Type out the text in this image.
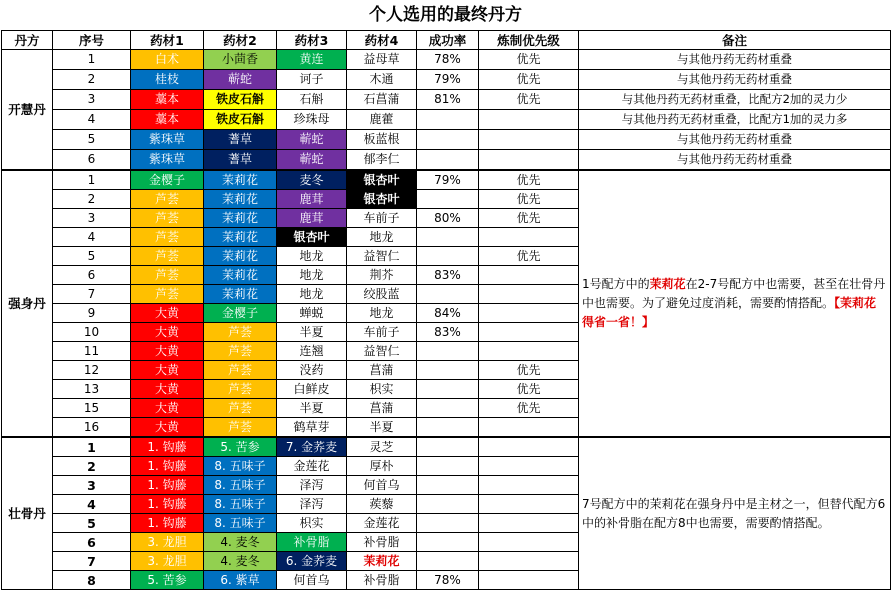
个人选用的最终丹方
丹方	序号	药材1	药材2	药材3	药材4	成功率	炼制优先级	备注
开慧丹	1	白术	小茴香	黄连	益母草	78%	优先	与其他丹药无药材重叠
	2	桂枝	蕲蛇	诃子	木通	79%	优先	与其他丹药无药材重叠
	3	藁本	铁皮石斛	石斛	石菖蒲	81%	优先	与其他丹药无药材重叠，比配方2加的灵力少
	4	藁本	铁皮石斛	珍珠母	鹿藿			与其他丹药无药材重叠，比配方1加的灵力多
	5	紫珠草	蓍草	蕲蛇	板蓝根			与其他丹药无药材重叠
	6	紫珠草	蓍草	蕲蛇	郁李仁			与其他丹药无药材重叠
强身丹	1	金樱子	茉莉花	麦冬	银杏叶	79%	优先	1号配方中的茉莉花在2-7号配方中也需要，甚至在壮骨丹中也需要。为了避免过度消耗，需要酌情搭配。【茉莉花得省一省！】
	2	芦荟	茉莉花	鹿茸	银杏叶		优先	
	3	芦荟	茉莉花	鹿茸	车前子	80%	优先	
	4	芦荟	茉莉花	银杏叶	地龙			
	5	芦荟	茉莉花	地龙	益智仁		优先	
	6	芦荟	茉莉花	地龙	荆芥	83%		
	7	芦荟	茉莉花	地龙	绞股蓝			
	9	大黄	金樱子	蝉蜕	地龙	84%		
	10	大黄	芦荟	半夏	车前子	83%		
	11	大黄	芦荟	连翘	益智仁			
	12	大黄	芦荟	没药	菖蒲		优先	
	13	大黄	芦荟	白鲜皮	枳实		优先	
	15	大黄	芦荟	半夏	菖蒲		优先	
	16	大黄	芦荟	鹤草芽	半夏			
壮骨丹	1	1. 钩藤	5. 苦参	7. 金荞麦	灵芝			7号配方中的茉莉花在强身丹中是主材之一，但替代配方6中的补骨脂在配方8中也需要，需要酌情搭配。
	2	1. 钩藤	8. 五味子	金莲花	厚朴			
	3	1. 钩藤	8. 五味子	泽泻	何首乌			
	4	1. 钩藤	8. 五味子	泽泻	蒺藜			
	5	1. 钩藤	8. 五味子	枳实	金莲花			
	6	3. 龙胆	4. 麦冬	补骨脂	补骨脂			
	7	3. 龙胆	4. 麦冬	6. 金荞麦	茉莉花			
	8	5. 苦参	6. 紫草	何首乌	补骨脂	78%		
